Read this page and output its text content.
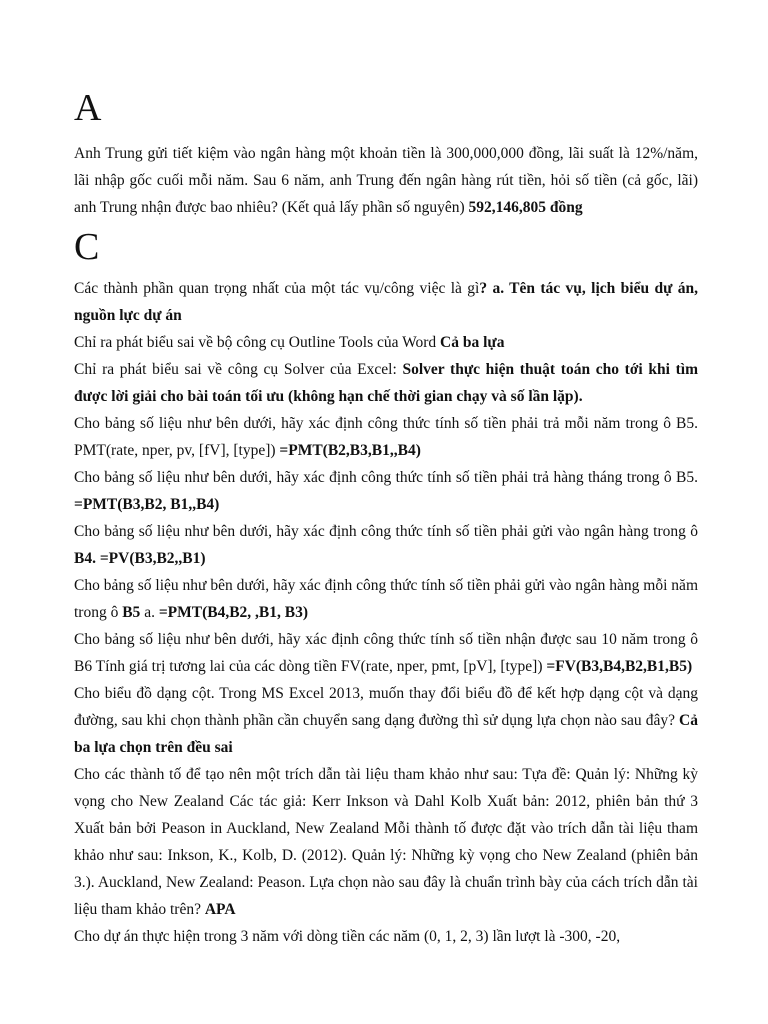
A

Anh Trung gửi tiết kiệm vào ngân hàng một khoản tiền là 300,000,000 đồng, lãi suất là 12%/năm, lãi nhập gốc cuối mỗi năm. Sau 6 năm, anh Trung đến ngân hàng rút tiền, hỏi số tiền (cả gốc, lãi) anh Trung nhận được bao nhiêu? (Kết quả lấy phần số nguyên) 592,146,805 đồng

C

Các thành phần quan trọng nhất của một tác vụ/công việc là gì? a. Tên tác vụ, lịch biểu dự án, nguồn lực dự án

Chỉ ra phát biểu sai về bộ công cụ Outline Tools của Word Cả ba lựa

Chỉ ra phát biểu sai về công cụ Solver của Excel: Solver thực hiện thuật toán cho tới khi tìm được lời giải cho bài toán tối ưu (không hạn chế thời gian chạy và số lần lặp).

Cho bảng số liệu như bên dưới, hãy xác định công thức tính số tiền phải trả mỗi năm trong ô B5. PMT(rate, nper, pv, [fV], [type]) =PMT(B2,B3,B1,,B4)

Cho bảng số liệu như bên dưới, hãy xác định công thức tính số tiền phải trả hàng tháng trong ô B5. =PMT(B3,B2, B1,,B4)

Cho bảng số liệu như bên dưới, hãy xác định công thức tính số tiền phải gửi vào ngân hàng trong ô B4. =PV(B3,B2,,B1)

Cho bảng số liệu như bên dưới, hãy xác định công thức tính số tiền phải gửi vào ngân hàng mỗi năm trong ô B5 a. =PMT(B4,B2, ,B1, B3)

Cho bảng số liệu như bên dưới, hãy xác định công thức tính số tiền nhận được sau 10 năm trong ô B6 Tính giá trị tương lai của các dòng tiền FV(rate, nper, pmt, [pV], [type]) =FV(B3,B4,B2,B1,B5)

Cho biểu đồ dạng cột. Trong MS Excel 2013, muốn thay đổi biểu đồ để kết hợp dạng cột và dạng đường, sau khi chọn thành phần cần chuyển sang dạng đường thì sử dụng lựa chọn nào sau đây? Cả ba lựa chọn trên đều sai

Cho các thành tố để tạo nên một trích dẫn tài liệu tham khảo như sau: Tựa đề: Quản lý: Những kỳ vọng cho New Zealand Các tác giả: Kerr Inkson và Dahl Kolb Xuất bản: 2012, phiên bản thứ 3 Xuất bản bởi Peason in Auckland, New Zealand Mỗi thành tố được đặt vào trích dẫn tài liệu tham khảo như sau: Inkson, K., Kolb, D. (2012). Quản lý: Những kỳ vọng cho New Zealand (phiên bản 3.). Auckland, New Zealand: Peason. Lựa chọn nào sau đây là chuẩn trình bày của cách trích dẫn tài liệu tham khảo trên? APA

Cho dự án thực hiện trong 3 năm với dòng tiền các năm (0, 1, 2, 3) lần lượt là -300, -20,
